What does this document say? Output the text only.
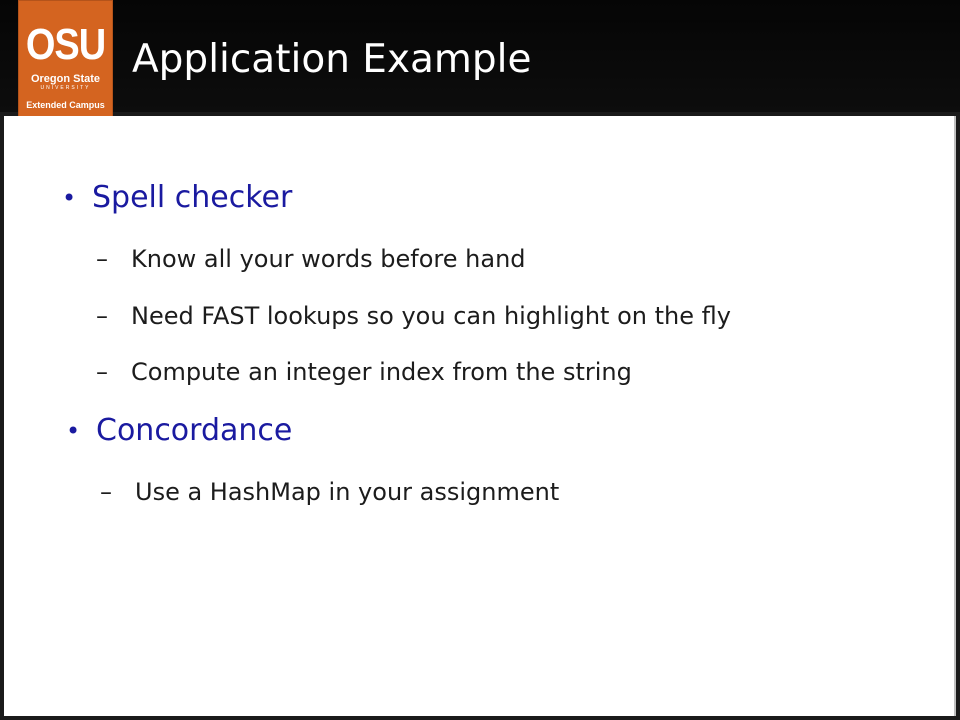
OSU
Oregon State
UNIVERSITY
Extended Campus
Application Example
• Spell checker
– Know all your words before hand
– Need FAST lookups so you can highlight on the fly
– Compute an integer index from the string
• Concordance
– Use a HashMap in your assignment
